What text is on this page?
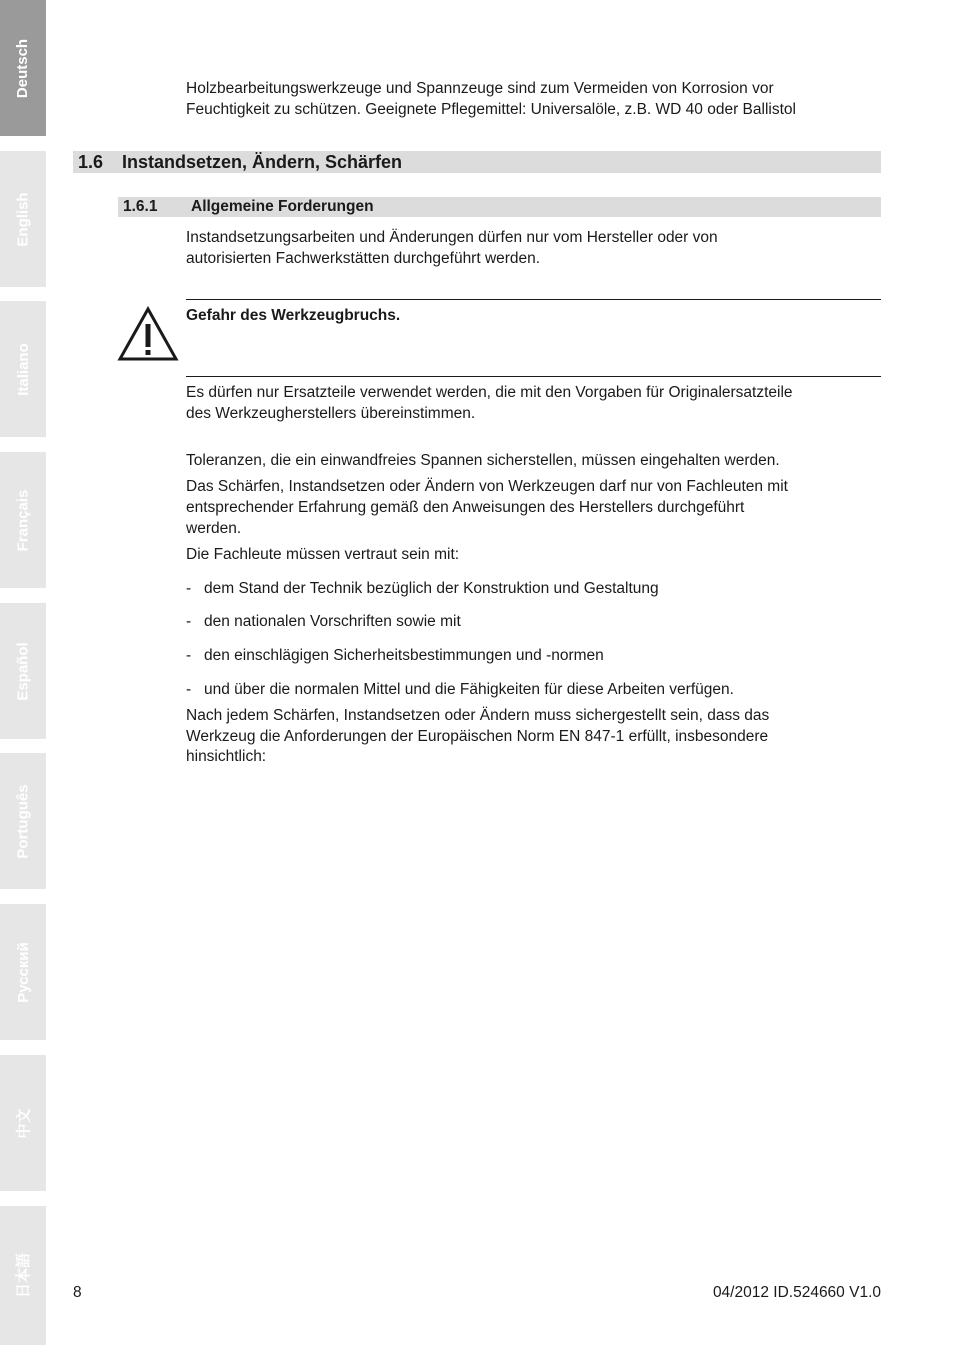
Deutsch
English
Italiano
Français
Español
Português
Русский
中文
日本語
Holzbearbeitungswerkzeuge und Spannzeuge sind zum Vermeiden von Korrosion vor
Feuchtigkeit zu schützen. Geeignete Pflegemittel: Universalöle, z.B. WD 40 oder Ballistol
1.6 Instandsetzen, Ändern, Schärfen
1.6.1 Allgemeine Forderungen
Instandsetzungsarbeiten und Änderungen dürfen nur vom Hersteller oder von
autorisierten Fachwerkstätten durchgeführt werden.
Gefahr des Werkzeugbruchs.
Es dürfen nur Ersatzteile verwendet werden, die mit den Vorgaben für Originalersatzteile
des Werkzeugherstellers übereinstimmen.
Toleranzen, die ein einwandfreies Spannen sicherstellen, müssen eingehalten werden.
Das Schärfen, Instandsetzen oder Ändern von Werkzeugen darf nur von Fachleuten mit
entsprechender Erfahrung gemäß den Anweisungen des Herstellers durchgeführt
werden.
Die Fachleute müssen vertraut sein mit:
- dem Stand der Technik bezüglich der Konstruktion und Gestaltung
- den nationalen Vorschriften sowie mit
- den einschlägigen Sicherheitsbestimmungen und -normen
- und über die normalen Mittel und die Fähigkeiten für diese Arbeiten verfügen.
Nach jedem Schärfen, Instandsetzen oder Ändern muss sichergestellt sein, dass das
Werkzeug die Anforderungen der Europäischen Norm EN 847-1 erfüllt, insbesondere
hinsichtlich:
8	04/2012 ID.524660 V1.0
